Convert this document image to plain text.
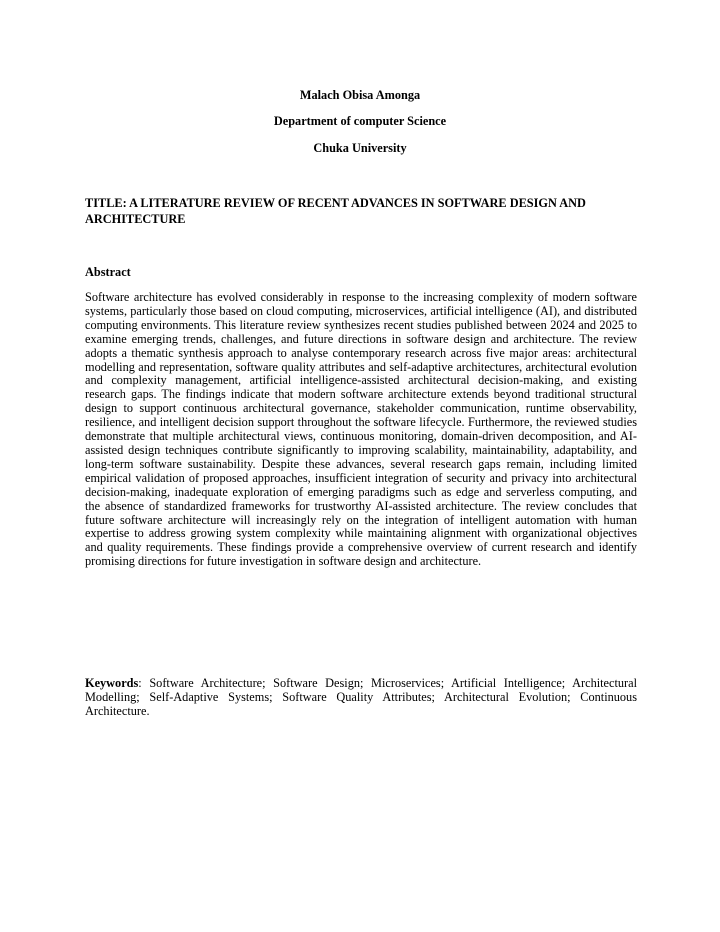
Malach Obisa Amonga
Department of computer Science
Chuka University
TITLE: A LITERATURE REVIEW OF RECENT ADVANCES IN SOFTWARE DESIGN AND ARCHITECTURE
Abstract
Software architecture has evolved considerably in response to the increasing complexity of modern software systems, particularly those based on cloud computing, microservices, artificial intelligence (AI), and distributed computing environments. This literature review synthesizes recent studies published between 2024 and 2025 to examine emerging trends, challenges, and future directions in software design and architecture. The review adopts a thematic synthesis approach to analyse contemporary research across five major areas: architectural modelling and representation, software quality attributes and self-adaptive architectures, architectural evolution and complexity management, artificial intelligence-assisted architectural decision-making, and existing research gaps. The findings indicate that modern software architecture extends beyond traditional structural design to support continuous architectural governance, stakeholder communication, runtime observability, resilience, and intelligent decision support throughout the software lifecycle. Furthermore, the reviewed studies demonstrate that multiple architectural views, continuous monitoring, domain-driven decomposition, and AI-assisted design techniques contribute significantly to improving scalability, maintainability, adaptability, and long-term software sustainability. Despite these advances, several research gaps remain, including limited empirical validation of proposed approaches, insufficient integration of security and privacy into architectural decision-making, inadequate exploration of emerging paradigms such as edge and serverless computing, and the absence of standardized frameworks for trustworthy AI-assisted architecture. The review concludes that future software architecture will increasingly rely on the integration of intelligent automation with human expertise to address growing system complexity while maintaining alignment with organizational objectives and quality requirements. These findings provide a comprehensive overview of current research and identify promising directions for future investigation in software design and architecture.
Keywords: Software Architecture; Software Design; Microservices; Artificial Intelligence; Architectural Modelling; Self-Adaptive Systems; Software Quality Attributes; Architectural Evolution; Continuous Architecture.
